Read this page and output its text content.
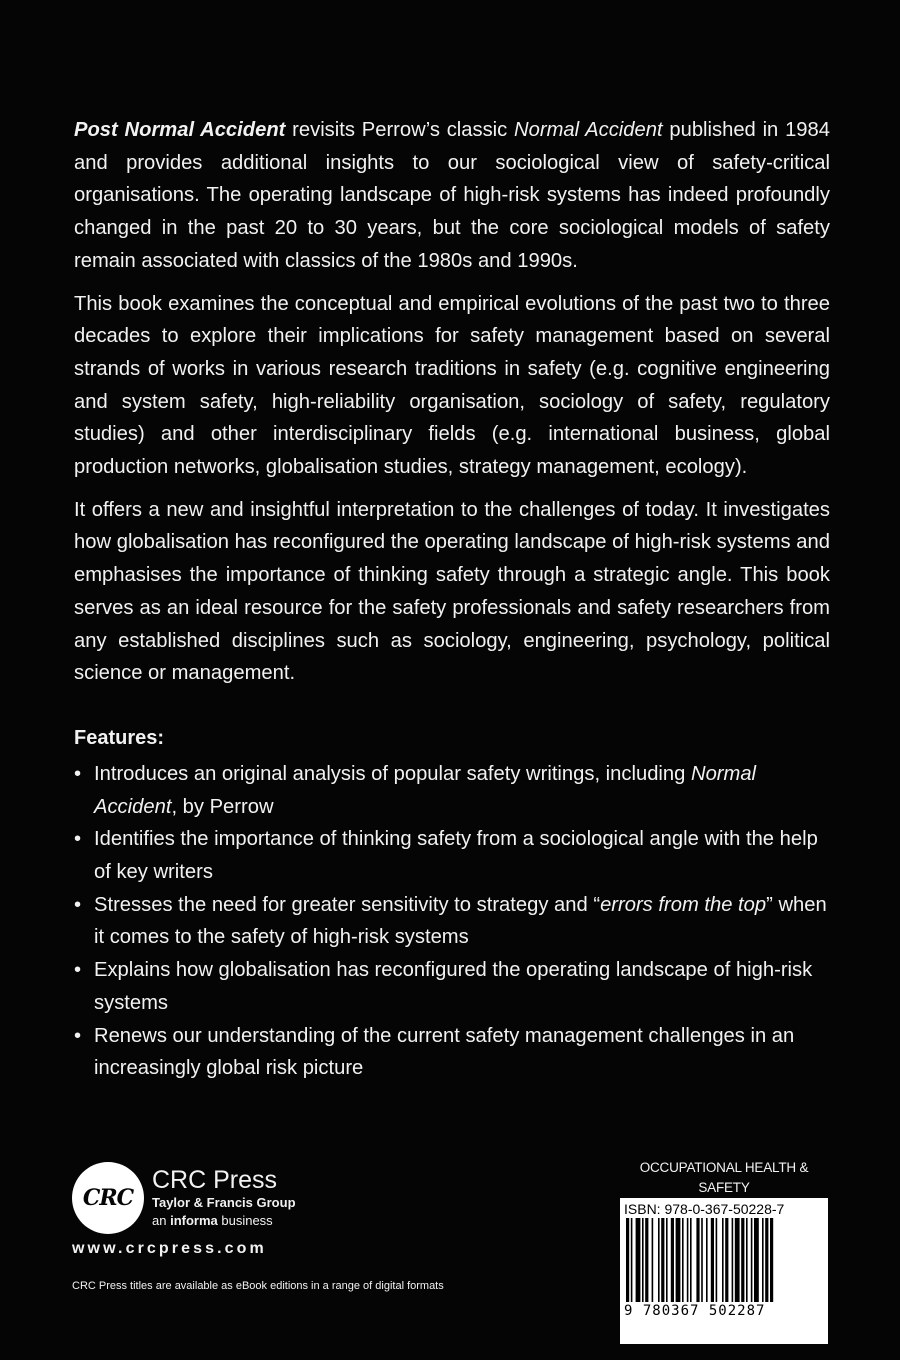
Post Normal Accident revisits Perrow’s classic Normal Accident published in 1984 and provides additional insights to our sociological view of safety-critical organisations. The operating landscape of high-risk systems has indeed profoundly changed in the past 20 to 30 years, but the core sociological models of safety remain associated with classics of the 1980s and 1990s.

This book examines the conceptual and empirical evolutions of the past two to three decades to explore their implications for safety management based on several strands of works in various research traditions in safety (e.g. cognitive engineering and system safety, high-reliability organisation, sociology of safety, regulatory studies) and other interdisciplinary fields (e.g. international business, global production networks, globalisation studies, strategy management, ecology).

It offers a new and insightful interpretation to the challenges of today. It investigates how globalisation has reconfigured the operating landscape of high-risk systems and emphasises the importance of thinking safety through a strategic angle. This book serves as an ideal resource for the safety professionals and safety researchers from any established disciplines such as sociology, engineering, psychology, political science or management.

Features:
• Introduces an original analysis of popular safety writings, including Normal Accident, by Perrow
• Identifies the importance of thinking safety from a sociological angle with the help of key writers
• Stresses the need for greater sensitivity to strategy and “errors from the top” when it comes to the safety of high-risk systems
• Explains how globalisation has reconfigured the operating landscape of high-risk systems
• Renews our understanding of the current safety management challenges in an increasingly global risk picture
CRC
CRC Press
Taylor & Francis Group
an informa business
www.crcpress.com
CRC Press titles are available as eBook editions in a range of digital formats
OCCUPATIONAL HEALTH & SAFETY
ISBN: 978-0-367-50228-7
9 780367 502287
